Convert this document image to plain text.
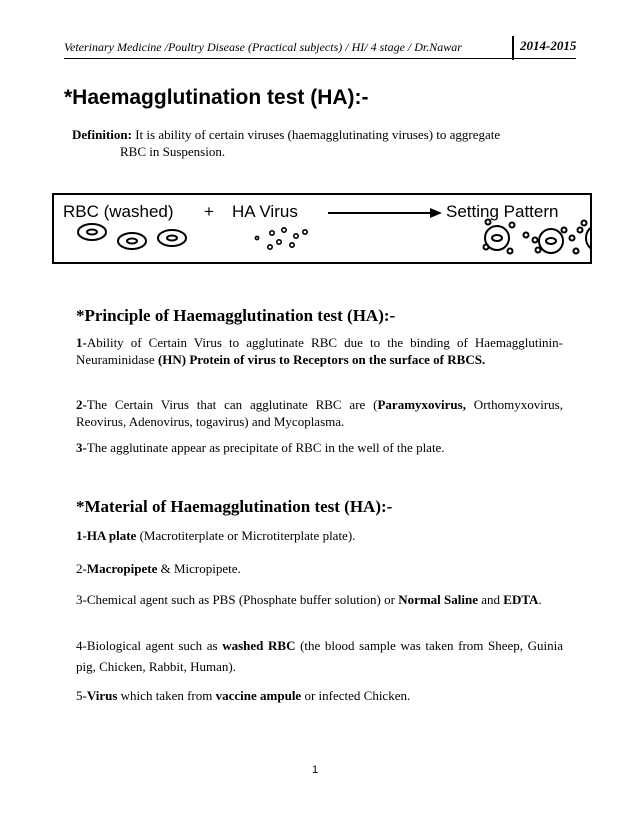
Veterinary Medicine /Poultry Disease (Practical subjects) / HI/ 4 stage / Dr.Nawar	2014-2015
*Haemagglutination test (HA):-
Definition: It is ability of certain viruses (haemagglutinating viruses) to aggregate
RBC in Suspension.
RBC (washed) + HA Virus	Setting Pattern
*Principle of Haemagglutination test (HA):-
1-Ability of Certain Virus to agglutinate RBC due to the binding of Haemagglutinin-Neuraminidase (HN) Protein of virus to Receptors on the surface of RBCS.
2-The Certain Virus that can agglutinate RBC are (Paramyxovirus, Orthomyxovirus, Reovirus, Adenovirus, togavirus) and Mycoplasma.
3-The agglutinate appear as precipitate of RBC in the well of the plate.
*Material of Haemagglutination test (HA):-
1-HA plate (Macrotiterplate or Microtiterplate plate).
2-Macropipete & Micropipete.
3-Chemical agent such as PBS (Phosphate buffer solution) or Normal Saline and EDTA.
4-Biological agent such as washed RBC (the blood sample was taken from Sheep, Guinia pig, Chicken, Rabbit, Human).
5-Virus which taken from vaccine ampule or infected Chicken.
1
